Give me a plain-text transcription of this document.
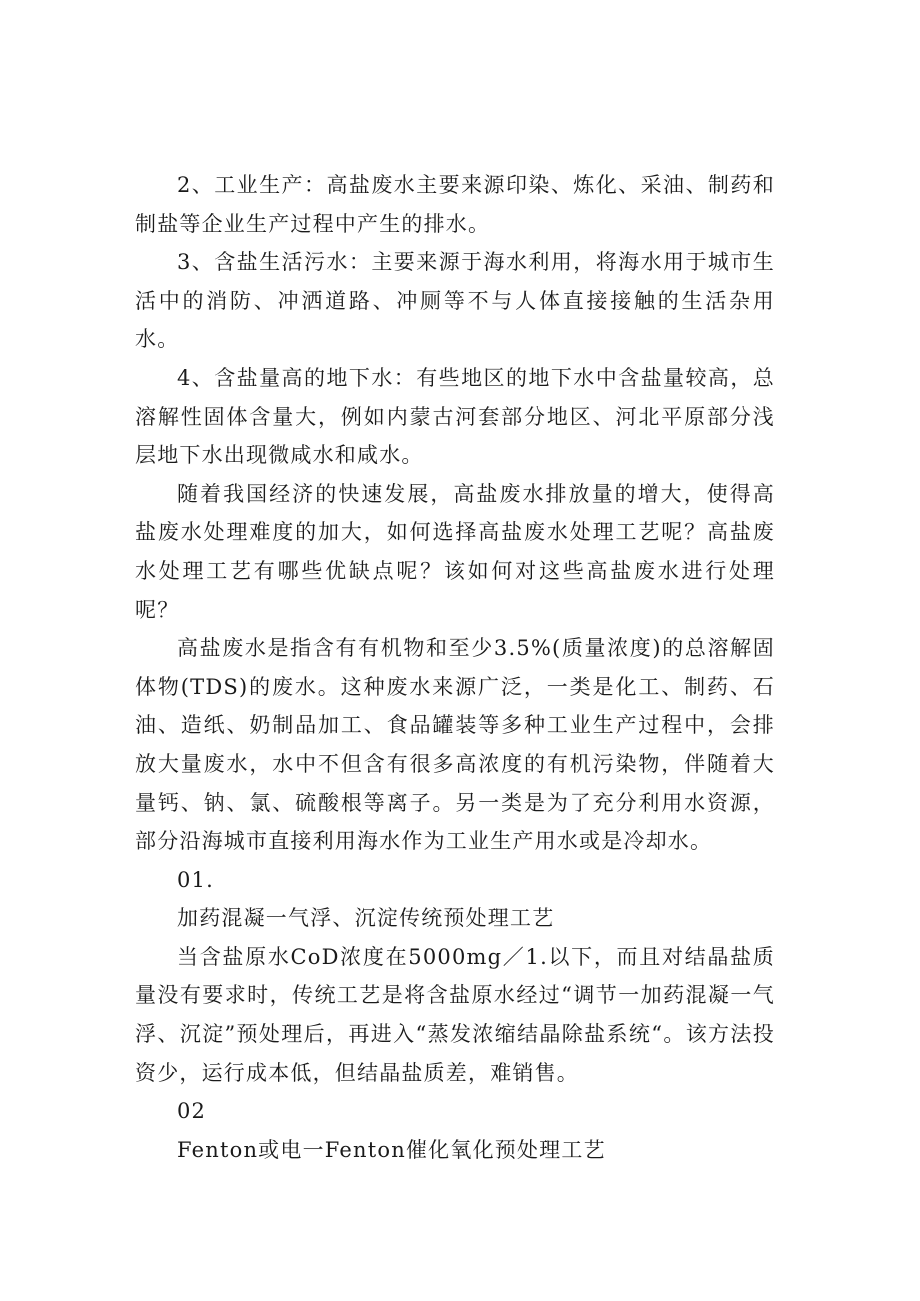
2、工业生产：高盐废水主要来源印染、炼化、采油、制药和制盐等企业生产过程中产生的排水。

3、含盐生活污水：主要来源于海水利用，将海水用于城市生活中的消防、冲洒道路、冲厕等不与人体直接接触的生活杂用水。

4、含盐量高的地下水：有些地区的地下水中含盐量较高，总溶解性固体含量大，例如内蒙古河套部分地区、河北平原部分浅层地下水出现微咸水和咸水。

随着我国经济的快速发展，高盐废水排放量的增大，使得高盐废水处理难度的加大，如何选择高盐废水处理工艺呢？高盐废水处理工艺有哪些优缺点呢？该如何对这些高盐废水进行处理呢？

高盐废水是指含有有机物和至少3.5%(质量浓度)的总溶解固体物(TDS)的废水。这种废水来源广泛，一类是化工、制药、石油、造纸、奶制品加工、食品罐装等多种工业生产过程中，会排放大量废水，水中不但含有很多高浓度的有机污染物，伴随着大量钙、钠、氯、硫酸根等离子。另一类是为了充分利用水资源，部分沿海城市直接利用海水作为工业生产用水或是冷却水。

01.

加药混凝一气浮、沉淀传统预处理工艺

当含盐原水CoD浓度在5000mg／1.以下，而且对结晶盐质量没有要求时，传统工艺是将含盐原水经过“调节一加药混凝一气浮、沉淀”预处理后，再进入“蒸发浓缩结晶除盐系统“。该方法投资少，运行成本低，但结晶盐质差，难销售。

02

Fenton或电一Fenton催化氧化预处理工艺
